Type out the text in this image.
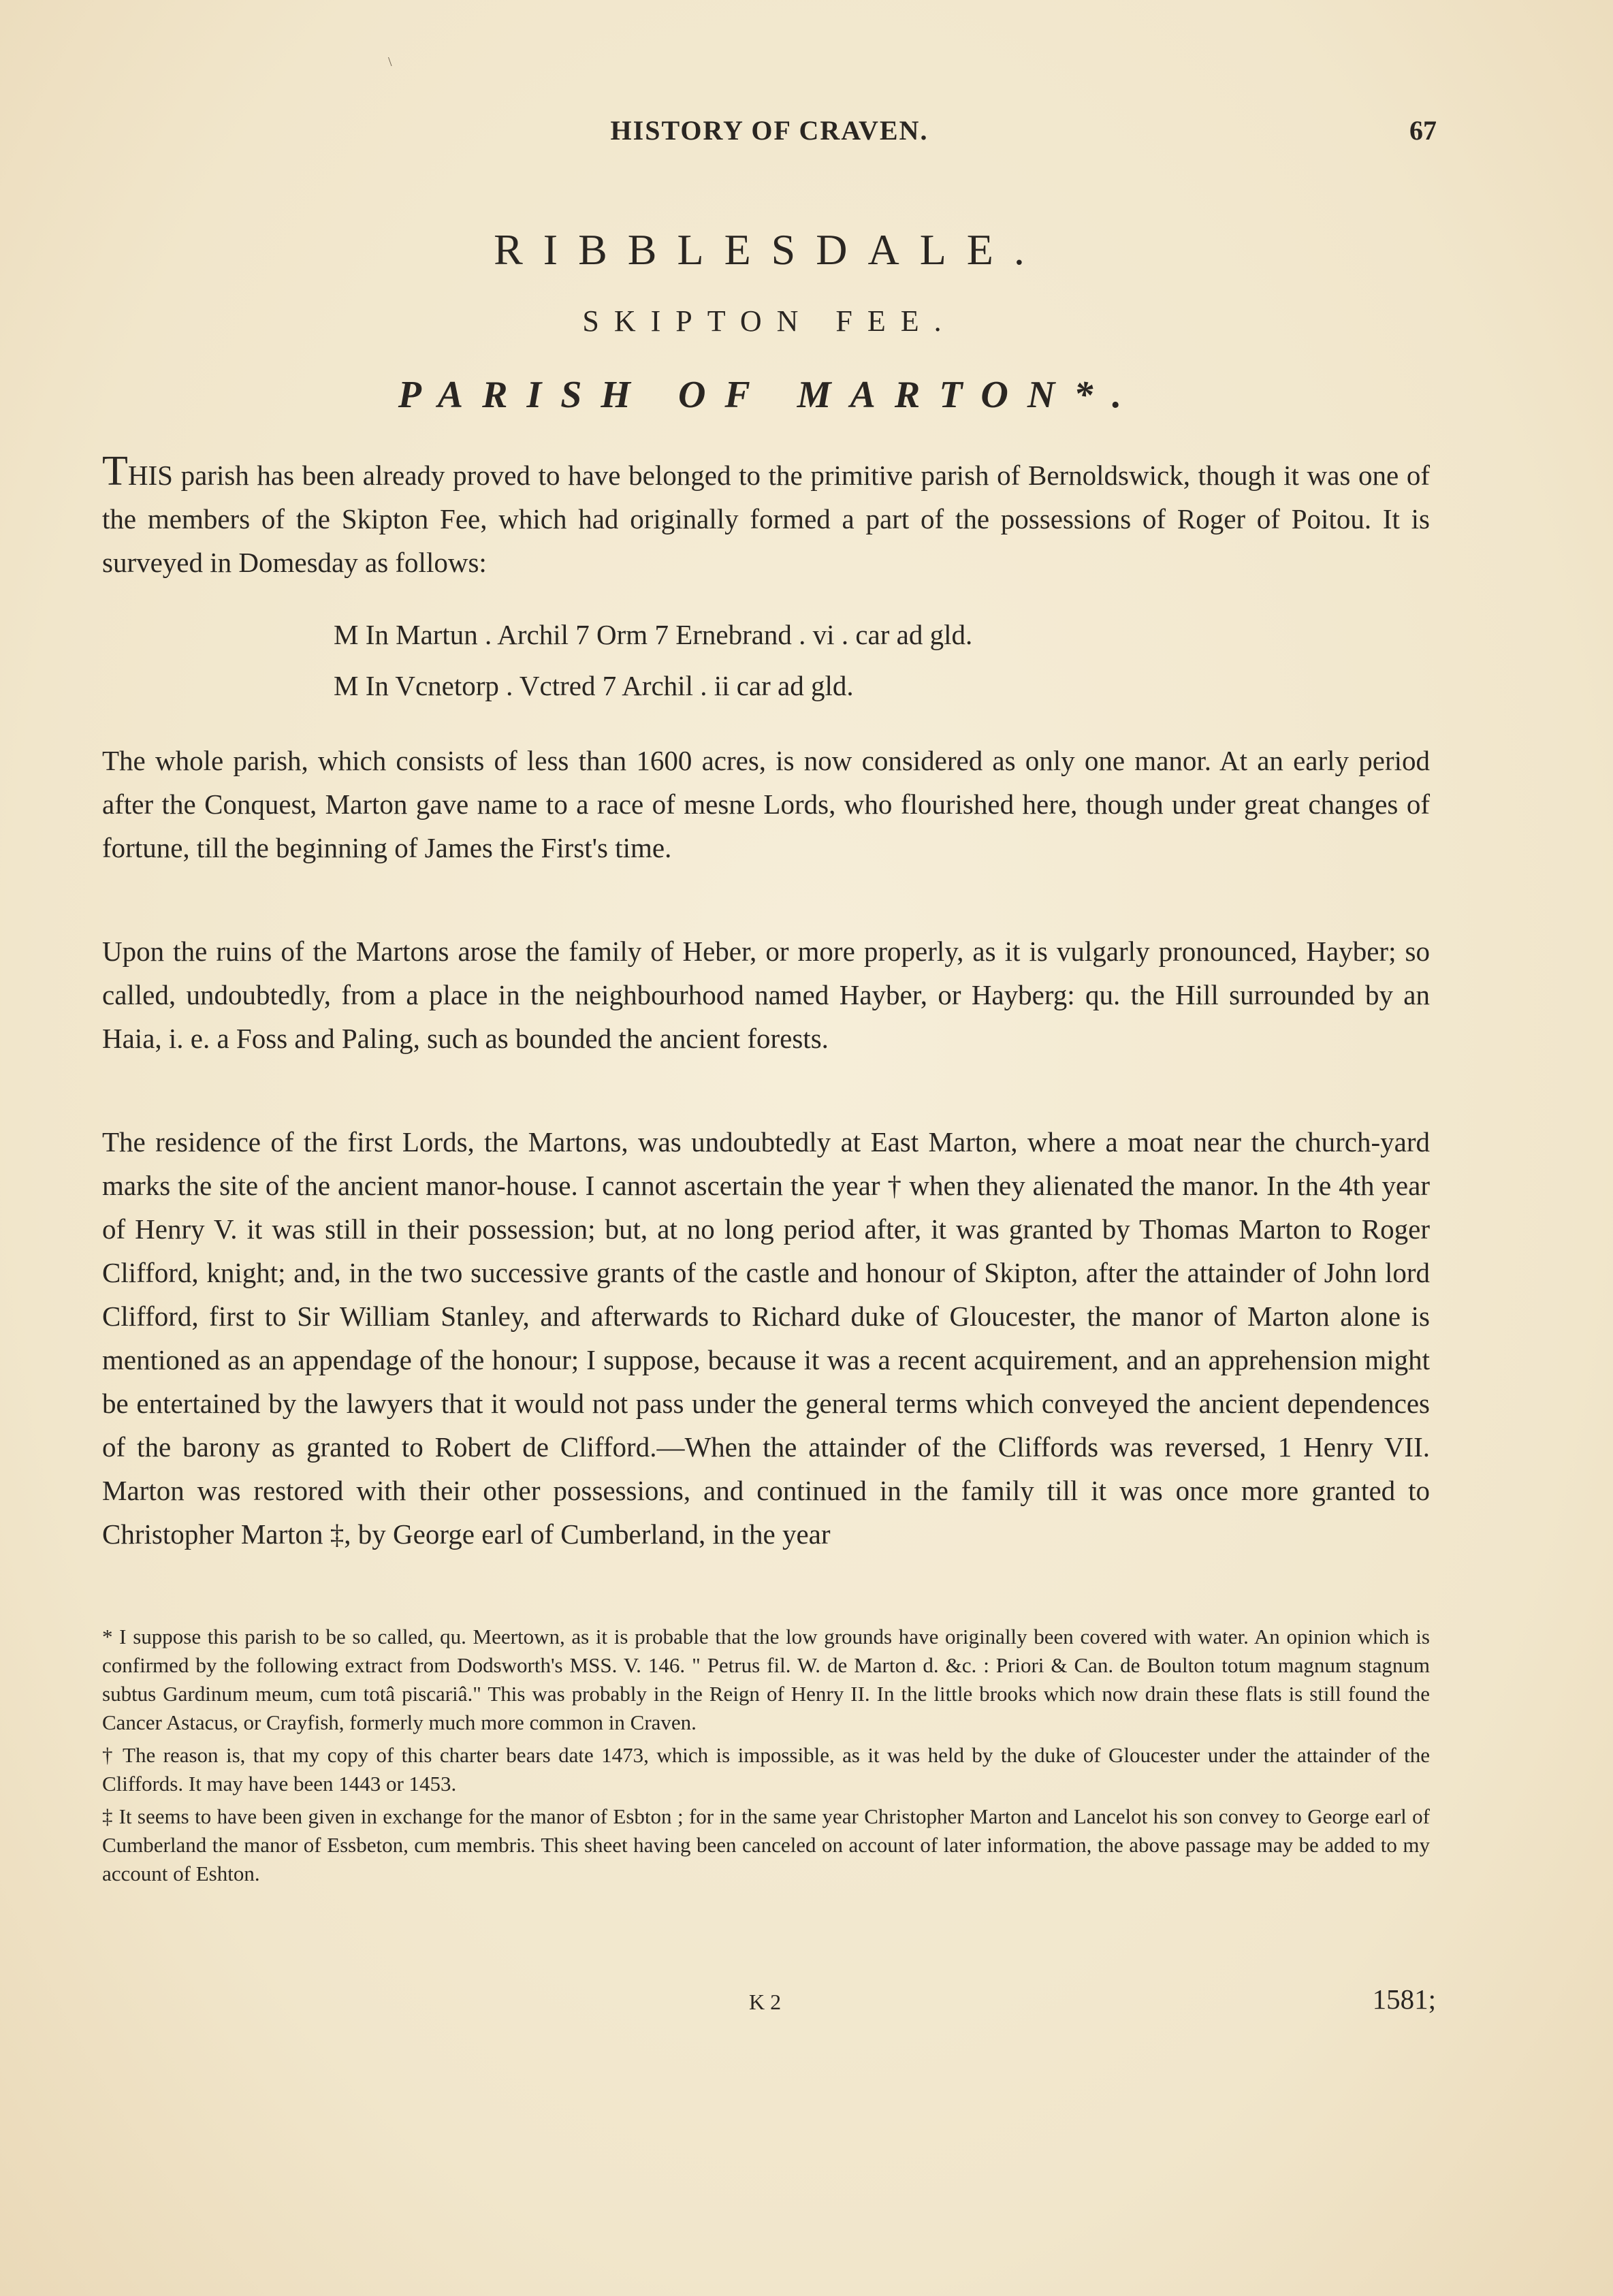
\
HISTORY OF CRAVEN.	67
RIBBLESDALE.
SKIPTON FEE.
PARISH OF MARTON*.
THIS parish has been already proved to have belonged to the primitive parish of Bernoldswick, though it was one of the members of the Skipton Fee, which had originally formed a part of the possessions of Roger of Poitou. It is surveyed in Domesday as follows:
M In Martun . Archil 7 Orm 7 Ernebrand . vi . car ad gld.
M In Vcnetorp . Vctred 7 Archil . ii car ad gld.
The whole parish, which consists of less than 1600 acres, is now considered as only one manor. At an early period after the Conquest, Marton gave name to a race of mesne Lords, who flourished here, though under great changes of fortune, till the beginning of James the First's time.
Upon the ruins of the Martons arose the family of Heber, or more properly, as it is vulgarly pronounced, Hayber; so called, undoubtedly, from a place in the neighbourhood named Hayber, or Hayberg: qu. the Hill surrounded by an Haia, i. e. a Foss and Paling, such as bounded the ancient forests.
The residence of the first Lords, the Martons, was undoubtedly at East Marton, where a moat near the church-yard marks the site of the ancient manor-house. I cannot ascertain the year † when they alienated the manor. In the 4th year of Henry V. it was still in their possession; but, at no long period after, it was granted by Thomas Marton to Roger Clifford, knight; and, in the two successive grants of the castle and honour of Skipton, after the attainder of John lord Clifford, first to Sir William Stanley, and afterwards to Richard duke of Gloucester, the manor of Marton alone is mentioned as an appendage of the honour; I suppose, because it was a recent acquirement, and an apprehension might be entertained by the lawyers that it would not pass under the general terms which conveyed the ancient dependences of the barony as granted to Robert de Clifford.—When the attainder of the Cliffords was reversed, 1 Henry VII. Marton was restored with their other possessions, and continued in the family till it was once more granted to Christopher Marton ‡, by George earl of Cumberland, in the year

* I suppose this parish to be so called, qu. Meertown, as it is probable that the low grounds have originally been covered with water. An opinion which is confirmed by the following extract from Dodsworth's MSS. V. 146. " Petrus fil. W. de Marton d. &c. : Priori & Can. de Boulton totum magnum stagnum subtus Gardinum meum, cum totâ piscariâ." This was probably in the Reign of Henry II. In the little brooks which now drain these flats is still found the Cancer Astacus, or Crayfish, formerly much more common in Craven.

† The reason is, that my copy of this charter bears date 1473, which is impossible, as it was held by the duke of Gloucester under the attainder of the Cliffords. It may have been 1443 or 1453.

‡ It seems to have been given in exchange for the manor of Esbton ; for in the same year Christopher Marton and Lancelot his son convey to George earl of Cumberland the manor of Essbeton, cum membris. This sheet having been canceled on account of later information, the above passage may be added to my account of Eshton.

K 2	1581;
